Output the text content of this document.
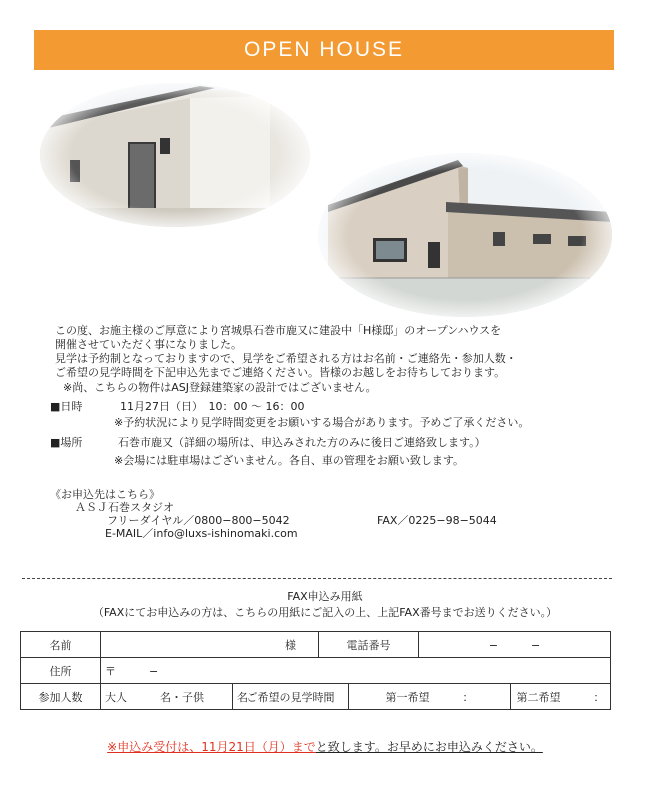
OPEN HOUSE
この度、お施主様のご厚意により宮城県石巻市鹿又に建設中「H様邸」のオープンハウスを
開催させていただく事になりました。
見学は予約制となっておりますので、見学をご希望される方はお名前・ご連絡先・参加人数・
ご希望の見学時間を下記申込先までご連絡ください。皆様のお越しをお待ちしております。
※尚、こちらの物件はASJ登録建築家の設計ではございません。
■日時	11月27日（日）　10：00 〜 16：00
※予約状況により見学時間変更をお願いする場合があります。予めご了承ください。
■場所	石巻市鹿又（詳細の場所は、申込みされた方のみに後日ご連絡致します。）
※会場には駐車場はございません。各自、車の管理をお願い致します。
《お申込先はこちら》
ＡＳＪ石巻スタジオ
フリーダイヤル／0800−800−5042	FAX／0225−98−5044
E-MAIL／info@luxs-ishinomaki.com
FAX申込み用紙
（FAXにてお申込みの方は、こちらの用紙にご記入の上、上記FAX番号までお送りください。）
名前	様		電話番号		−　　　−	
住所	〒　　　−					
参加人数	大人　　　名・子供　　　名	ご希望の見学時間		第一希望　　　：		第二希望　　　：
※申込み受付は、11月21日（月）までと致します。お早めにお申込みください。
